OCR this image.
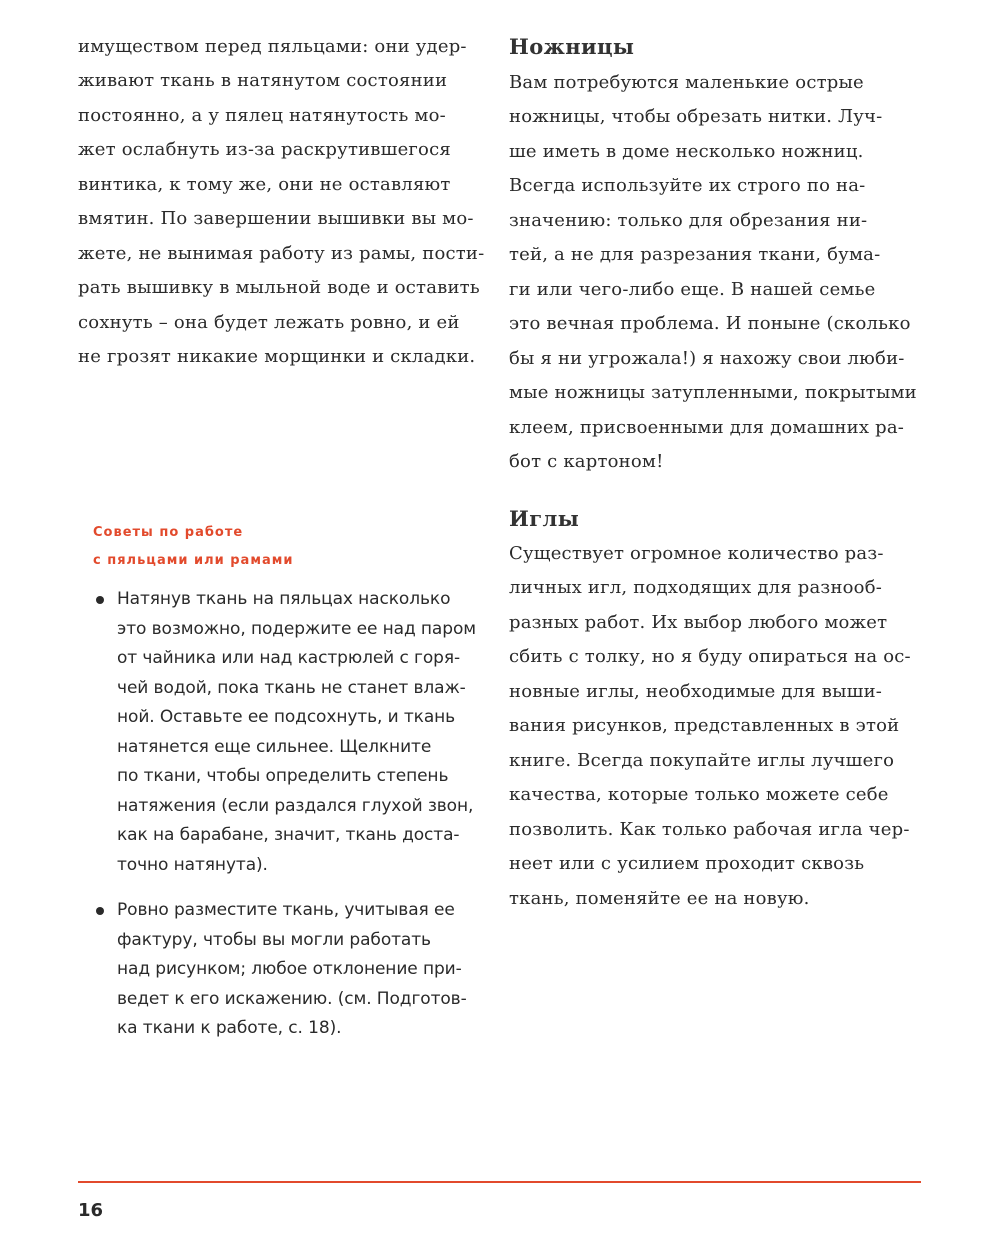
имуществом перед пяльцами: они удер-

живают ткань в натянутом состоянии

постоянно, а у пялец натянутость мо-

жет ослабнуть из-за раскрутившегося

винтика, к тому же, они не оставляют

вмятин. По завершении вышивки вы мо-

жете, не вынимая работу из рамы, пости-

рать вышивку в мыльной воде и оставить

сохнуть – она будет лежать ровно, и ей

не грозят никакие морщинки и складки.

Советы по работе

с пяльцами или рамами

Натянув ткань на пяльцах насколько

это возможно, подержите ее над паром

от чайника или над кастрюлей с горя-

чей водой, пока ткань не станет влаж-

ной. Оставьте ее подсохнуть, и ткань

натянется еще сильнее. Щелкните

по ткани, чтобы определить степень

натяжения (если раздался глухой звон,

как на барабане, значит, ткань доста-

точно натянута).

Ровно разместите ткань, учитывая ее

фактуру, чтобы вы могли работать

над рисунком; любое отклонение при-

ведет к его искажению. (см. Подготов-

ка ткани к работе, с. 18).

Ножницы

Вам потребуются маленькие острые

ножницы, чтобы обрезать нитки. Луч-

ше иметь в доме несколько ножниц.

Всегда используйте их строго по на-

значению: только для обрезания ни-

тей, а не для разрезания ткани, бума-

ги или чего-либо еще. В нашей семье

это вечная проблема. И поныне (сколько

бы я ни угрожала!) я нахожу свои люби-

мые ножницы затупленными, покрытыми

клеем, присвоенными для домашних ра-

бот с картоном!

Иглы

Существует огромное количество раз-

личных игл, подходящих для разнооб-

разных работ. Их выбор любого может

сбить с толку, но я буду опираться на ос-

новные иглы, необходимые для выши-

вания рисунков, представленных в этой

книге. Всегда покупайте иглы лучшего

качества, которые только можете себе

позволить. Как только рабочая игла чер-

неет или с усилием проходит сквозь

ткань, поменяйте ее на новую.

16
